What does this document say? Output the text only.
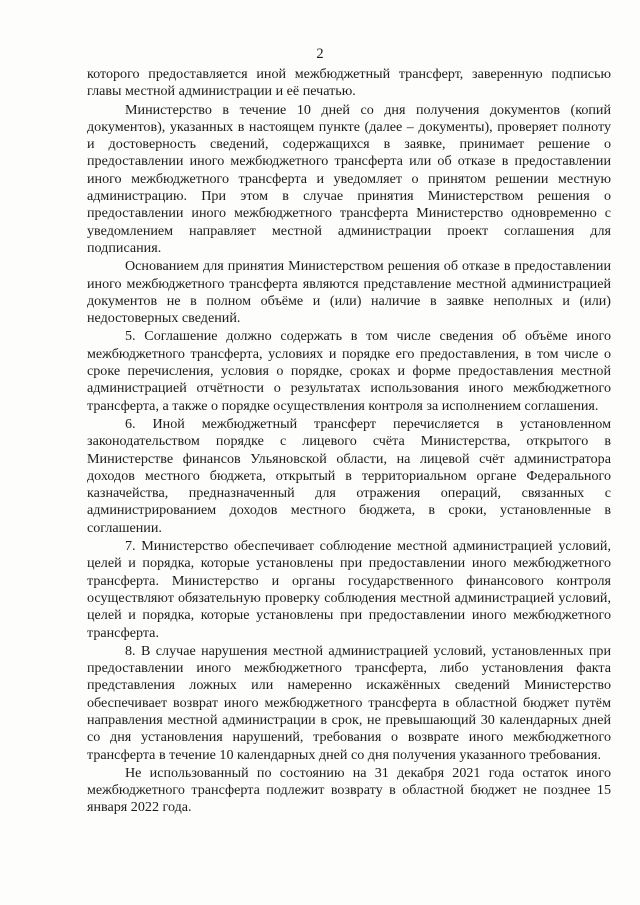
2

которого предоставляется иной межбюджетный трансферт, заверенную подписью главы местной администрации и её печатью.

Министерство в течение 10 дней со дня получения документов (копий документов), указанных в настоящем пункте (далее – документы), проверяет полноту и достоверность сведений, содержащихся в заявке, принимает решение о предоставлении иного межбюджетного трансферта или об отказе в предоставлении иного межбюджетного трансферта и уведомляет о принятом решении местную администрацию. При этом в случае принятия Министерством решения о предоставлении иного межбюджетного трансферта Министерство одновременно с уведомлением направляет местной администрации проект соглашения для подписания.

Основанием для принятия Министерством решения об отказе в предоставлении иного межбюджетного трансферта являются представление местной администрацией документов не в полном объёме и (или) наличие в заявке неполных и (или) недостоверных сведений.

5. Соглашение должно содержать в том числе сведения об объёме иного межбюджетного трансферта, условиях и порядке его предоставления, в том числе о сроке перечисления, условия о порядке, сроках и форме предоставления местной администрацией отчётности о результатах использования иного межбюджетного трансферта, а также о порядке осуществления контроля за исполнением соглашения.

6. Иной межбюджетный трансферт перечисляется в установленном законодательством порядке с лицевого счёта Министерства, открытого в Министерстве финансов Ульяновской области, на лицевой счёт администратора доходов местного бюджета, открытый в территориальном органе Федерального казначейства, предназначенный для отражения операций, связанных с администрированием доходов местного бюджета, в сроки, установленные в соглашении.

7. Министерство обеспечивает соблюдение местной администрацией условий, целей и порядка, которые установлены при предоставлении иного межбюджетного трансферта. Министерство и органы государственного финансового контроля осуществляют обязательную проверку соблюдения местной администрацией условий, целей и порядка, которые установлены при предоставлении иного межбюджетного трансферта.

8. В случае нарушения местной администрацией условий, установленных при предоставлении иного межбюджетного трансферта, либо установления факта представления ложных или намеренно искажённых сведений Министерство обеспечивает возврат иного межбюджетного трансферта в областной бюджет путём направления местной администрации в срок, не превышающий 30 календарных дней со дня установления нарушений, требования о возврате иного межбюджетного трансферта в течение 10 календарных дней со дня получения указанного требования.

Не использованный по состоянию на 31 декабря 2021 года остаток иного межбюджетного трансферта подлежит возврату в областной бюджет не позднее 15 января 2022 года.
